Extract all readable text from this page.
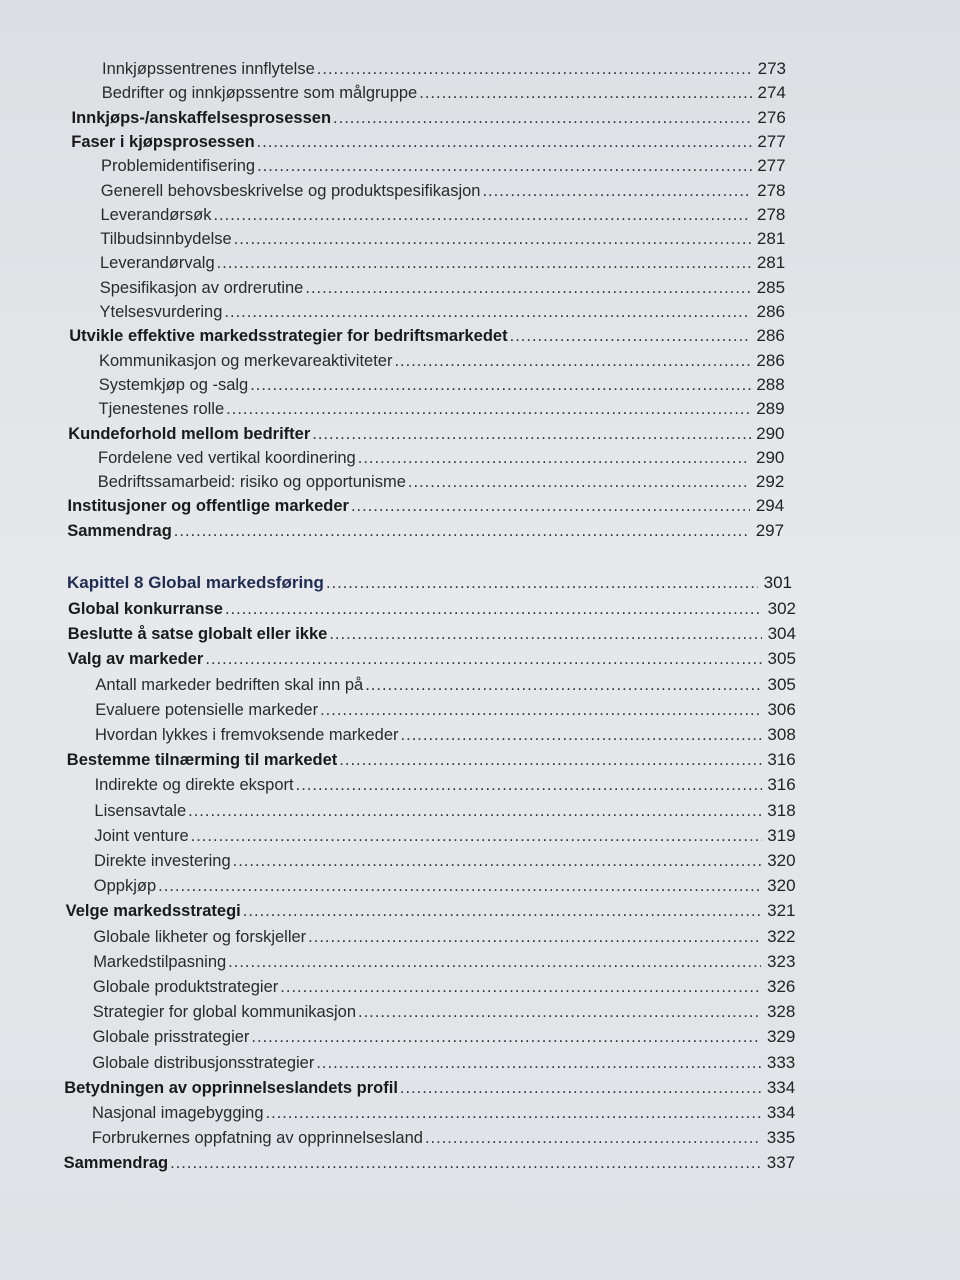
Innkjøpssentrenes innflytelse .....	273
Bedrifter og innkjøpssentre som målgruppe .....	274
Innkjøps-/anskaffelsesprosessen .....	276
Faser i kjøpsprosessen .....	277
Problemidentifisering .....	277
Generell behovsbeskrivelse og produktspesifikasjon .....	278
Leverandørsøk .....	278
Tilbudsinnbydelse .....	281
Leverandørvalg .....	281
Spesifikasjon av ordrerutine .....	285
Ytelsesvurdering .....	286
Utvikle effektive markedsstrategier for bedriftsmarkedet .....	286
Kommunikasjon og merkevareaktiviteter .....	286
Systemkjøp og -salg .....	288
Tjenestenes rolle .....	289
Kundeforhold mellom bedrifter .....	290
Fordelene ved vertikal koordinering .....	290
Bedriftssamarbeid: risiko og opportunisme .....	292
Institusjoner og offentlige markeder .....	294
Sammendrag .....	297
Kapittel 8 Global markedsføring .....	301
Global konkurranse .....	302
Beslutte å satse globalt eller ikke .....	304
Valg av markeder .....	305
Antall markeder bedriften skal inn på .....	305
Evaluere potensielle markeder .....	306
Hvordan lykkes i fremvoksende markeder .....	308
Bestemme tilnærming til markedet .....	316
Indirekte og direkte eksport .....	316
Lisensavtale .....	318
Joint venture .....	319
Direkte investering .....	320
Oppkjøp .....	320
Velge markedsstrategi .....	321
Globale likheter og forskjeller .....	322
Markedstilpasning .....	323
Globale produktstrategier .....	326
Strategier for global kommunikasjon .....	328
Globale prisstrategier .....	329
Globale distribusjonsstrategier .....	333
Betydningen av opprinnelseslandets profil .....	334
Nasjonal imagebygging .....	334
Forbrukernes oppfatning av opprinnelsesland .....	335
Sammendrag .....	337
